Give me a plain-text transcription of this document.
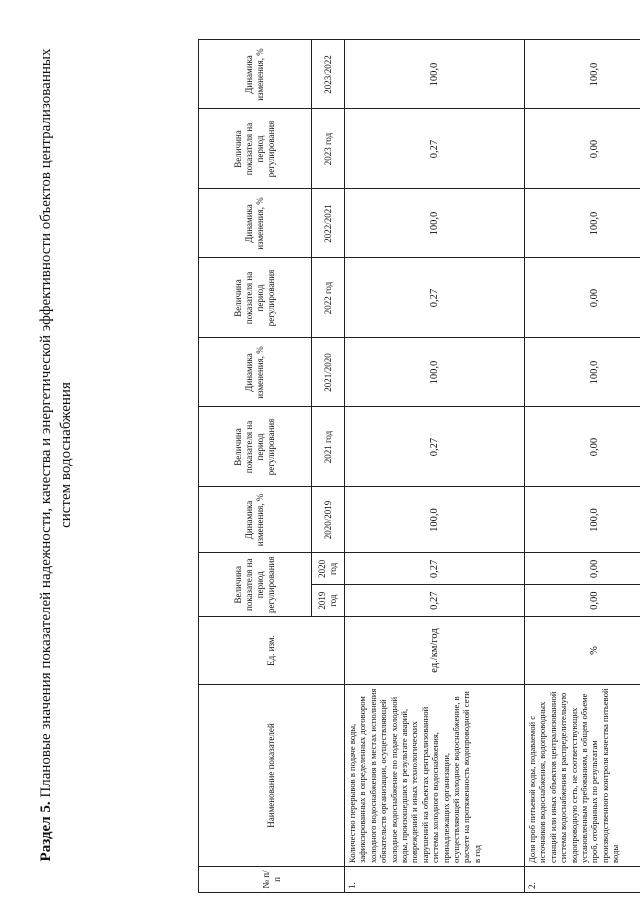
Раздел 5. Плановые значения показателей надежности, качества и энергетической эффективности объектов централизованных систем водоснабжения
№ п/п	Наименование показателей	Ед. изм.	Величина показателя на период регулирования		Динамика изменения, %	Величина показателя на период регулирования	Динамика изменения, %	Величина показателя на период регулирования	Динамика изменения, %	Величина показателя на период регулирования	Динамика изменения, %
			2019 год	2020 год	2020/2019	2021 год	2021/2020	2022 год	2022/2021	2023 год	2023/2022
1.	Количество перерывов в подаче воды, зафиксированных в определенных договором холодного водоснабжения в местах исполнения обязательств организации, осуществляющей холодное водоснабжение по подаче холодной воды, произошедших в результате аварий, повреждений и иных технологических нарушений на объектах централизованной системы холодного водоснабжения, принадлежащих организации, осуществляющей холодное водоснабжение, в расчете на протяженность водопроводной сети в год	ед./км/год	0,27	0,27	100,0	0,27	100,0	0,27	100,0	0,27	100,0
2.	Доля проб питьевой воды, подаваемой с источников водоснабжения, водопроводных станций или иных объектов централизованной системы водоснабжения в распределительную водопроводную сеть, не соответствующих установленным требованиям, в общем объеме проб, отобранных по результатам производственного контроля качества питьевой воды	%	0,00	0,00	100,0	0,00	100,0	0,00	100,0	0,00	100,0
